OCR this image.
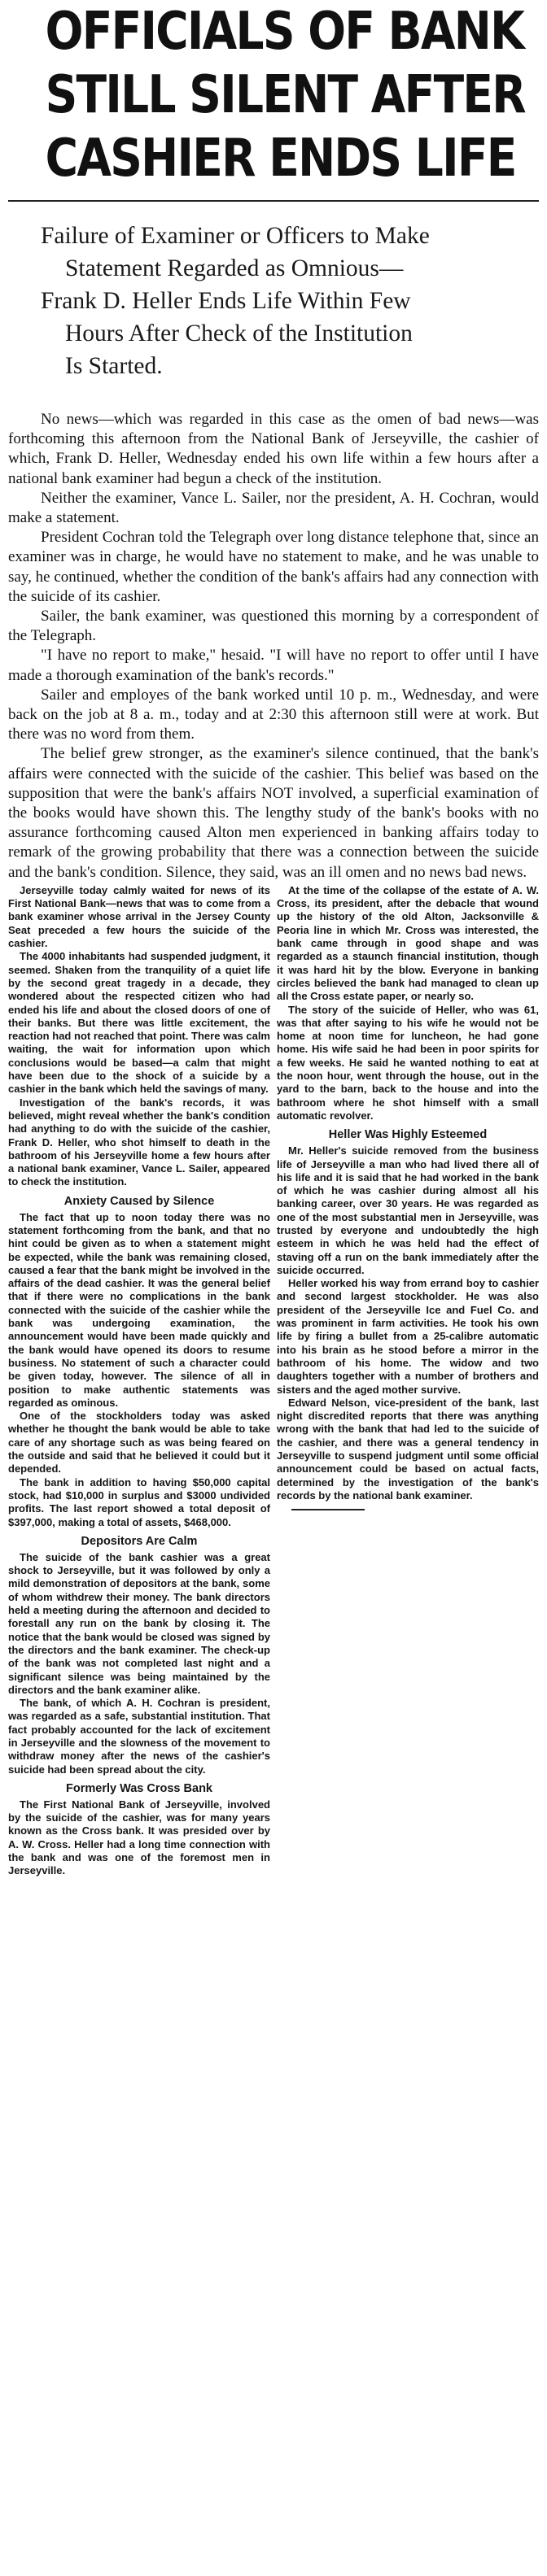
OFFICIALS OF BANK
STILL SILENT AFTER
CASHIER ENDS LIFE
Failure of Examiner or Officers to Make
Statement Regarded as Omnious—
Frank D. Heller Ends Life Within Few
Hours After Check of the Institution
Is Started.

No news—which was regarded in this case as the omen of bad news—was forthcoming this afternoon from the National Bank of Jerseyville, the cashier of which, Frank D. Heller, Wednesday ended his own life within a few hours after a national bank examiner had begun a check of the institution.

Neither the examiner, Vance L. Sailer, nor the president, A. H. Cochran, would make a statement.

President Cochran told the Telegraph over long distance telephone that, since an examiner was in charge, he would have no statement to make, and he was unable to say, he continued, whether the condition of the bank's affairs had any connection with the suicide of its cashier.

Sailer, the bank examiner, was questioned this morning by a correspondent of the Telegraph.

"I have no report to make," hesaid. "I will have no report to offer until I have made a thorough examination of the bank's records."

Sailer and employes of the bank worked until 10 p. m., Wednesday, and were back on the job at 8 a. m., today and at 2:30 this afternoon still were at work. But there was no word from them.

The belief grew stronger, as the examiner's silence continued, that the bank's affairs were connected with the suicide of the cashier. This belief was based on the supposition that were the bank's affairs NOT involved, a superficial examination of the books would have shown this. The lengthy study of the bank's books with no assurance forthcoming caused Alton men experienced in banking affairs today to remark of the growing probability that there was a connection between the suicide and the bank's condition. Silence, they said, was an ill omen and no news bad news.

Jerseyville today calmly waited for news of its First National Bank—news that was to come from a bank examiner whose arrival in the Jersey County Seat preceded a few hours the suicide of the cashier.

The 4000 inhabitants had suspended judgment, it seemed. Shaken from the tranquility of a quiet life by the second great tragedy in a decade, they wondered about the respected citizen who had ended his life and about the closed doors of one of their banks. But there was little excitement, the reaction had not reached that point. There was calm waiting, the wait for information upon which conclusions would be based—a calm that might have been due to the shock of a suicide by a cashier in the bank which held the savings of many.

Investigation of the bank's records, it was believed, might reveal whether the bank's condition had anything to do with the suicide of the cashier, Frank D. Heller, who shot himself to death in the bathroom of his Jerseyville home a few hours after a national bank examiner, Vance L. Sailer, appeared to check the institution.

Anxiety Caused by Silence

The fact that up to noon today there was no statement forthcoming from the bank, and that no hint could be given as to when a statement might be expected, while the bank was remaining closed, caused a fear that the bank might be involved in the affairs of the dead cashier. It was the general belief that if there were no complications in the bank connected with the suicide of the cashier while the bank was undergoing examination, the announcement would have been made quickly and the bank would have opened its doors to resume business. No statement of such a character could be given today, however. The silence of all in position to make authentic statements was regarded as ominous.

One of the stockholders today was asked whether he thought the bank would be able to take care of any shortage such as was being feared on the outside and said that he believed it could but it depended.

The bank in addition to having $50,000 capital stock, had $10,000 in surplus and $3000 undivided profits. The last report showed a total deposit of $397,000, making a total of assets, $468,000.

Depositors Are Calm

The suicide of the bank cashier was a great shock to Jerseyville, but it was followed by only a mild demonstration of depositors at the bank, some of whom withdrew their money. The bank directors held a meeting during the afternoon and decided to forestall any run on the bank by closing it. The notice that the bank would be closed was signed by the directors and the bank examiner. The check-up of the bank was not completed last night and a significant silence was being maintained by the directors and the bank examiner alike.

The bank, of which A. H. Cochran is president, was regarded as a safe, substantial institution. That fact probably accounted for the lack of excitement in Jerseyville and the slowness of the movement to withdraw money after the news of the cashier's suicide had been spread about the city.

Formerly Was Cross Bank

The First National Bank of Jerseyville, involved by the suicide of the cashier, was for many years known as the Cross bank. It was presided over by A. W. Cross. Heller had a long time connection with the bank and was one of the foremost men in Jerseyville.

At the time of the collapse of the estate of A. W. Cross, its president, after the debacle that wound up the history of the old Alton, Jacksonville & Peoria line in which Mr. Cross was interested, the bank came through in good shape and was regarded as a staunch financial institution, though it was hard hit by the blow. Everyone in banking circles believed the bank had managed to clean up all the Cross estate paper, or nearly so.

The story of the suicide of Heller, who was 61, was that after saying to his wife he would not be home at noon time for luncheon, he had gone home. His wife said he had been in poor spirits for a few weeks. He said he wanted nothing to eat at the noon hour, went through the house, out in the yard to the barn, back to the house and into the bathroom where he shot himself with a small automatic revolver.

Heller Was Highly Esteemed

Mr. Heller's suicide removed from the business life of Jerseyville a man who had lived there all of his life and it is said that he had worked in the bank of which he was cashier during almost all his banking career, over 30 years. He was regarded as one of the most substantial men in Jerseyville, was trusted by everyone and undoubtedly the high esteem in which he was held had the effect of staving off a run on the bank immediately after the suicide occurred.

Heller worked his way from errand boy to cashier and second largest stockholder. He was also president of the Jerseyville Ice and Fuel Co. and was prominent in farm activities. He took his own life by firing a bullet from a 25-calibre automatic into his brain as he stood before a mirror in the bathroom of his home. The widow and two daughters together with a number of brothers and sisters and the aged mother survive.

Edward Nelson, vice-president of the bank, last night discredited reports that there was anything wrong with the bank that had led to the suicide of the cashier, and there was a general tendency in Jerseyville to suspend judgment until some official announcement could be based on actual facts, determined by the investigation of the bank's records by the national bank examiner.
